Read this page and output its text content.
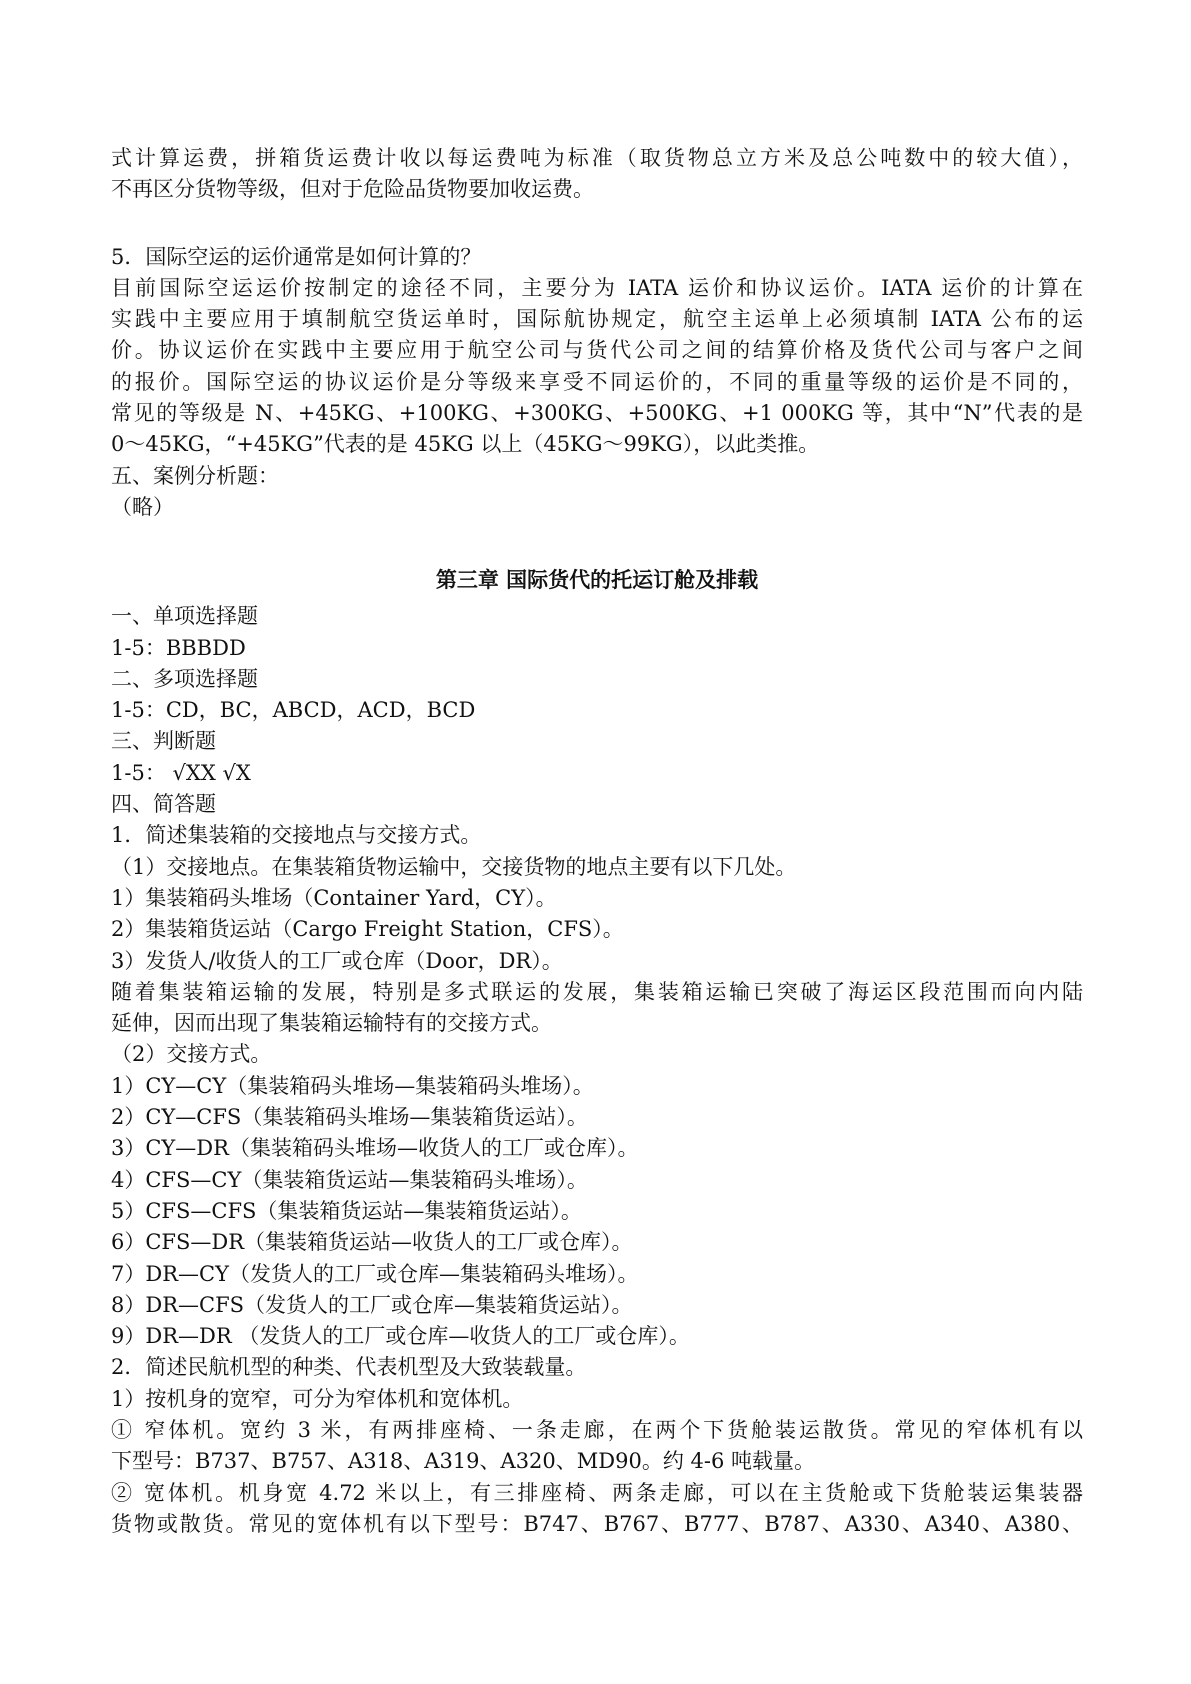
式计算运费，拼箱货运费计收以每运费吨为标准（取货物总立方米及总公吨数中的较大值），
不再区分货物等级，但对于危险品货物要加收运费。
5．国际空运的运价通常是如何计算的？
目前国际空运运价按制定的途径不同，主要分为 IATA 运价和协议运价。IATA 运价的计算在
实践中主要应用于填制航空货运单时，国际航协规定，航空主运单上必须填制 IATA 公布的运
价。协议运价在实践中主要应用于航空公司与货代公司之间的结算价格及货代公司与客户之间
的报价。国际空运的协议运价是分等级来享受不同运价的，不同的重量等级的运价是不同的，
常见的等级是 N、+45KG、+100KG、+300KG、+500KG、+1 000KG 等，其中“N”代表的是
0～45KG，“+45KG”代表的是 45KG 以上（45KG～99KG），以此类推。
五、案例分析题：
（略）
第三章 国际货代的托运订舱及排载
一、单项选择题
1-5：BBBDD
二、多项选择题
1-5：CD，BC，ABCD，ACD，BCD
三、判断题
1-5： √XX √X
四、简答题
1．简述集装箱的交接地点与交接方式。
（1）交接地点。在集装箱货物运输中，交接货物的地点主要有以下几处。
1）集装箱码头堆场（Container Yard，CY）。
2）集装箱货运站（Cargo Freight Station，CFS）。
3）发货人/收货人的工厂或仓库（Door，DR）。
随着集装箱运输的发展，特别是多式联运的发展，集装箱运输已突破了海运区段范围而向内陆
延伸，因而出现了集装箱运输特有的交接方式。
（2）交接方式。
1）CY—CY（集装箱码头堆场—集装箱码头堆场）。
2）CY—CFS（集装箱码头堆场—集装箱货运站）。
3）CY—DR（集装箱码头堆场—收货人的工厂或仓库）。
4）CFS—CY（集装箱货运站—集装箱码头堆场）。
5）CFS—CFS（集装箱货运站—集装箱货运站）。
6）CFS—DR（集装箱货运站—收货人的工厂或仓库）。
7）DR—CY（发货人的工厂或仓库—集装箱码头堆场）。
8）DR—CFS（发货人的工厂或仓库—集装箱货运站）。
9）DR—DR （发货人的工厂或仓库—收货人的工厂或仓库）。
2．简述民航机型的种类、代表机型及大致装载量。
1）按机身的宽窄，可分为窄体机和宽体机。
① 窄体机。宽约 3 米，有两排座椅、一条走廊，在两个下货舱装运散货。常见的窄体机有以
下型号：B737、B757、A318、A319、A320、MD90。约 4-6 吨载量。
② 宽体机。机身宽 4.72 米以上，有三排座椅、两条走廊，可以在主货舱或下货舱装运集装器
货物或散货。常见的宽体机有以下型号：B747、B767、B777、B787、A330、A340、A380、
